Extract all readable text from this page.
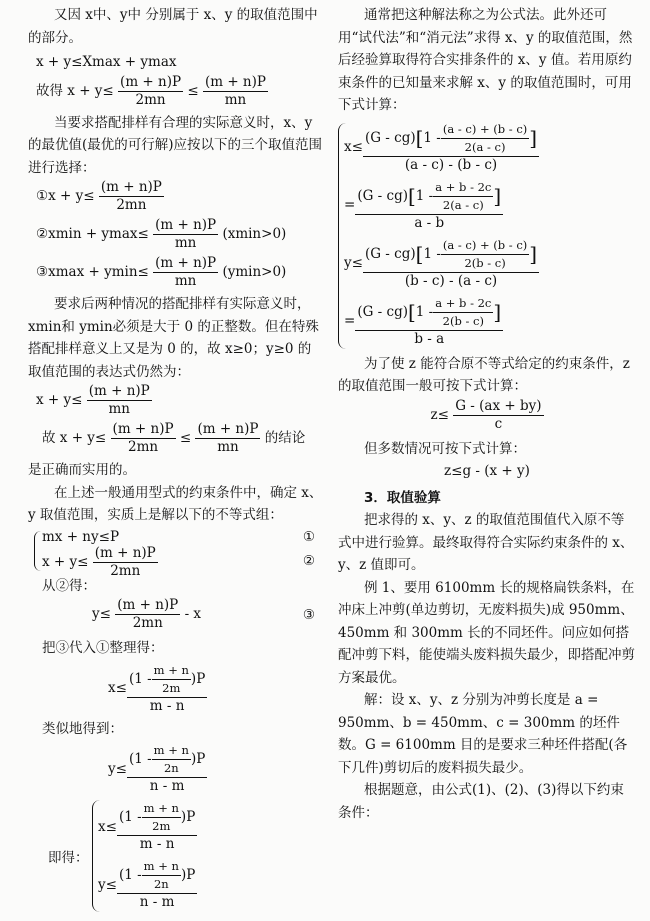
又因 x中、y中 分别属于 x、y 的取值范围中的部分。

x + y≤Xmax + ymax

故得 $x + y\le \frac{(m + n)P}{2mn} \le \frac{(m + n)P}{mn}$

当要求搭配排样有合理的实际意义时，x、y 的最优值(最优的可行解)应按以下的三个取值范围进行选择：

①x + $y\le \frac{(m + n)P}{2mn}$
②xmin + $ymax\le \frac{(m + n)P}{mn} (xmin>0)$
③xmax + $ymin\le \frac{(m + n)P}{mn} (ymin>0)$

要求后两种情况的搭配排样有实际意义时，xmin和 ymin必须是大于 0 的正整数。但在特殊搭配排样意义上又是为 0 的，故 x≥0；y≥0 的取值范围的表达式仍然为：

$x + y\le \frac{(m + n)P}{mn}$
故 $x + y\le \frac{(m + n)P}{2mn} \le \frac{(m + n)P}{mn}$ 的结论

是正确而实用的。

在上述一般通用型式的约束条件中，确定 x、y 取值范围，实质上是解以下的不等式组：

mx + ny≤P	①
$x + y\le \frac{(m + n)P}{2mn}$	②

从②得：

$y\le \frac{(m + n)P}{2mn} - x$	③

把③代入①整理得：

$x\le \frac{(1 - \frac{m + n}{2m} )P}{m - n}$

类似地得到：

$y\le \frac{(1 - \frac{m + n}{2n} )P}{n - m}$
即得：
$x\le \frac{(1 - \frac{m + n}{2m} )P}{m - n}$
$y\le \frac{(1 - \frac{m + n}{2n} )P}{n - m}$

通常把这种解法称之为公式法。此外还可用“试代法”和“消元法”求得 x、y 的取值范围，然后经验算取得符合实排条件的 x、y 值。若用原约束条件的已知量来求解 x、y 的取值范围时，可用下式计算：

$x\le \frac{(G - cg) [ 1 - \frac{(a - c) + (b - c)}{2(a - c)} ]}{(a - c) - (b - c)}$
= $\frac{(G - cg) [ 1 - \frac{a + b - 2c}{2(a - c)} ]}{a - b}$
$y\le \frac{(G - cg) [ 1 - \frac{(a - c) + (b - c)}{2(b - c)} ]}{(b - c) - (a - c)}$
= $\frac{(G - cg) [ 1 - \frac{a + b - 2c}{2(b - c)} ]}{b - a}$

为了使 z 能符合原不等式给定的约束条件，z 的取值范围一般可按下式计算：

$z\le \frac{G - (ax + by)}{c}$

但多数情况可按下式计算：

z≤g - (x + y)

3．取值验算

把求得的 x、y、z 的取值范围值代入原不等式中进行验算。最终取得符合实际约束条件的 x、y、z 值即可。

例 1、要用 6100mm 长的规格扁铁条料，在冲床上冲剪(单边剪切，无废料损失)成 950mm、450mm 和 300mm 长的不同坯件。问应如何搭配冲剪下料，能使端头废料损失最少，即搭配冲剪方案最优。

解：设 x、y、z 分别为冲剪长度是 a = 950mm、b = 450mm、c = 300mm 的坯件数。G = 6100mm 目的是要求三种坯件搭配(各下几件)剪切后的废料损失最少。

根据题意，由公式(1)、(2)、(3)得以下约束条件：
